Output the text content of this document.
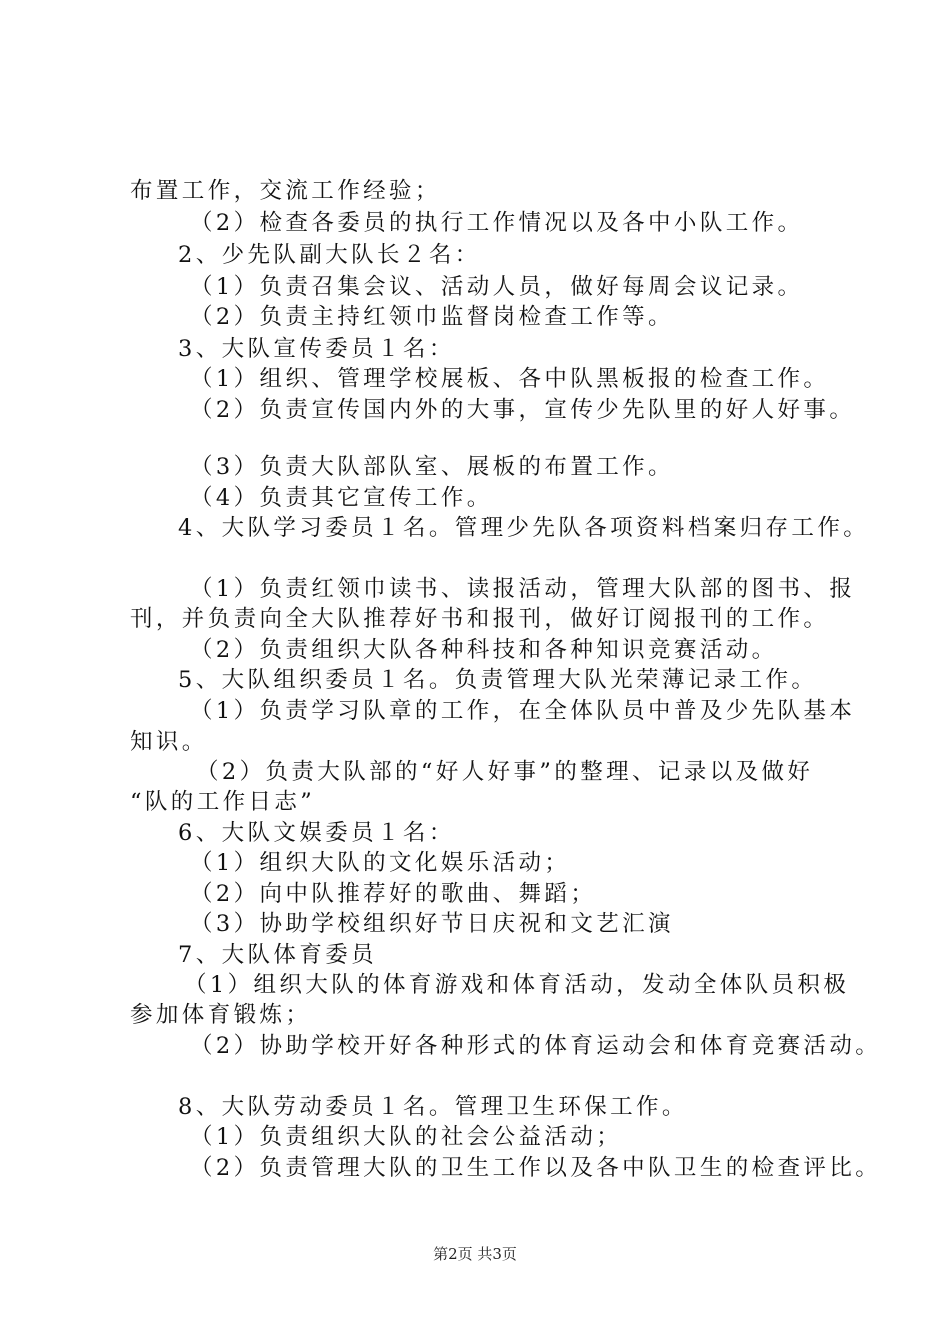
布置工作，交流工作经验；
（2）检查各委员的执行工作情况以及各中小队工作。
2、少先队副大队长２名：
（1）负责召集会议、活动人员，做好每周会议记录。
（2）负责主持红领巾监督岗检查工作等。
3、大队宣传委员１名：
（1）组织、管理学校展板、各中队黑板报的检查工作。
（2）负责宣传国内外的大事，宣传少先队里的好人好事。
（3）负责大队部队室、展板的布置工作。
（4）负责其它宣传工作。
4、大队学习委员１名。管理少先队各项资料档案归存工作。
（1）负责红领巾读书、读报活动，管理大队部的图书、报
刊，并负责向全大队推荐好书和报刊，做好订阅报刊的工作。
（2）负责组织大队各种科技和各种知识竞赛活动。
5、大队组织委员１名。负责管理大队光荣薄记录工作。
（1）负责学习队章的工作，在全体队员中普及少先队基本
知识。
（2）负责大队部的“好人好事”的整理、记录以及做好
“队的工作日志”
6、大队文娱委员１名：
（1）组织大队的文化娱乐活动；
（2）向中队推荐好的歌曲、舞蹈；
（3）协助学校组织好节日庆祝和文艺汇演
7、大队体育委员
（1）组织大队的体育游戏和体育活动，发动全体队员积极
参加体育锻炼；
（2）协助学校开好各种形式的体育运动会和体育竞赛活动。
8、大队劳动委员１名。管理卫生环保工作。
（1）负责组织大队的社会公益活动；
（2）负责管理大队的卫生工作以及各中队卫生的检查评比。
第2页 共3页
